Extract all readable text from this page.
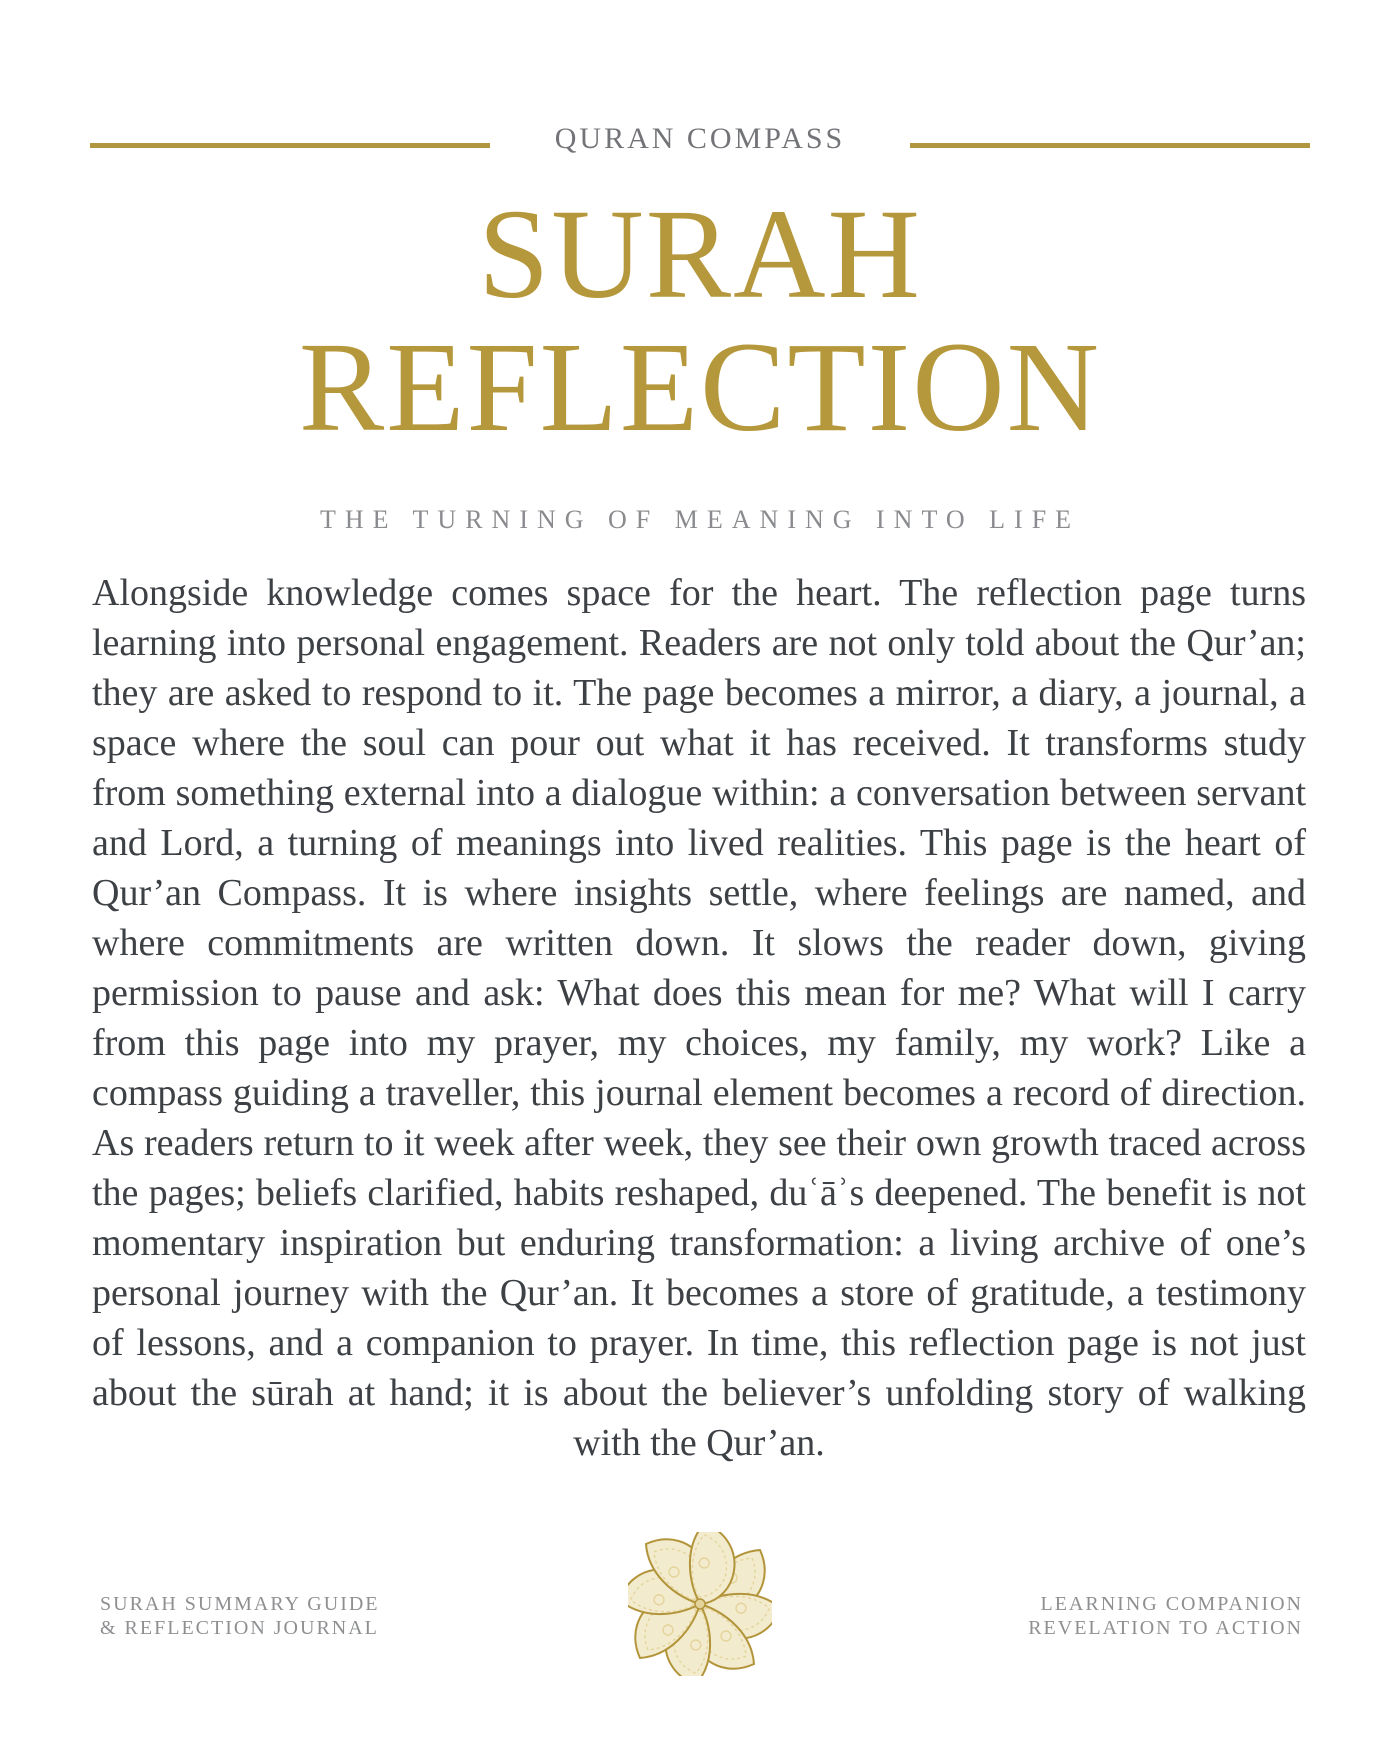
QURAN COMPASS
SURAH
REFLECTION
THE TURNING OF MEANING INTO LIFE
Alongside knowledge comes space for the heart. The reflection page turns learning into personal engagement. Readers are not only told about the Qur’an; they are asked to respond to it. The page becomes a mirror, a diary, a journal, a space where the soul can pour out what it has received. It transforms study from something external into a dialogue within: a conversation between servant and Lord, a turning of meanings into lived realities. This page is the heart of Qur’an Compass. It is where insights settle, where feelings are named, and where commitments are written down. It slows the reader down, giving permission to pause and ask: What does this mean for me? What will I carry from this page into my prayer, my choices, my family, my work? Like a compass guiding a traveller, this journal element becomes a record of direction. As readers return to it week after week, they see their own growth traced across the pages; beliefs clarified, habits reshaped, duʿāʾs deepened. The benefit is not momentary inspiration but enduring transformation: a living archive of one’s personal journey with the Qur’an. It becomes a store of gratitude, a testimony of lessons, and a companion to prayer. In time, this reflection page is not just about the sūrah at hand; it is about the believer’s unfolding story of walking with the Qur’an.
SURAH SUMMARY GUIDE
& REFLECTION JOURNAL
LEARNING COMPANION
REVELATION TO ACTION
